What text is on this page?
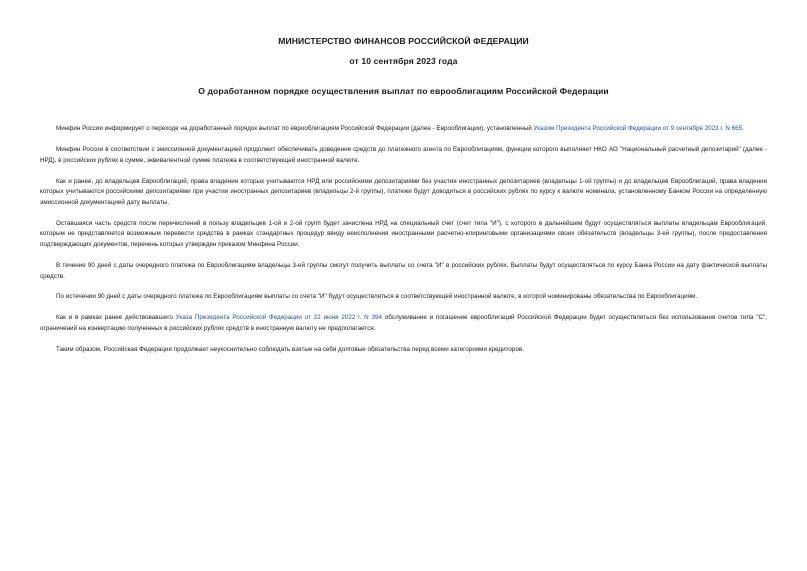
МИНИСТЕРСТВО ФИНАНСОВ РОССИЙСКОЙ ФЕДЕРАЦИИ
от 10 сентября 2023 года
О доработанном порядке осуществления выплат по еврооблигациям Российской Федерации

Минфин России информирует о переходе на доработанный порядок выплат по еврооблигациям Российской Федерации (далее - Еврооблигации), установленный Указом Президента Российской Федерации от 9 сентября 2023 г. N 665.

Минфин России в соответствии с эмиссионной документацией продолжит обеспечивать доведение средств до платежного агента по Еврооблигациям, функции которого выполняет НКО АО "Национальный расчетный депозитарий" (далее - НРД), в российских рублях в сумме, эквивалентной сумме платежа в соответствующей иностранной валюте.

Как и ранее, до владельцев Еврооблигаций, права владения которых учитываются НРД или российскими депозитариями без участия иностранных депозитариев (владельцы 1-ой группы) и до владельцев Еврооблигаций, права владения которых учитываются российскими депозитариями при участии иностранных депозитариев (владельцы 2-й группы), платежи будут доводиться в российских рублях по курсу к валюте номинала, установленному Банком России на определенную эмиссионной документацией дату выплаты.

Оставшаяся часть средств после перечислений в пользу владельцев 1-ой и 2-ой групп будет зачислена НРД на специальный счет (счет типа "И"), с которого в дальнейшем будут осуществляться выплаты владельцам Еврооблигаций, которым не представляется возможным перевести средства в рамках стандартных процедур ввиду неисполнения иностранными расчетно-клиринговыми организациями своих обязательств (владельцы 3-ей группы), после предоставления подтверждающих документов, перечень которых утвержден приказом Минфина России.

В течение 90 дней с даты очередного платежа по Еврооблигациям владельцы 3-ей группы смогут получить выплаты со счета "И" в российских рублях. Выплаты будут осуществляться по курсу Банка России на дату фактической выплаты средств.

По истечении 90 дней с даты очередного платежа по Еврооблигациям выплаты со счета "И" будут осуществляться в соответствующей иностранной валюте, в которой номинированы обязательства по Еврооблигациям.

Как и в рамках ранее действовавшего Указа Президента Российской Федерации от 22 июня 2022 г. N 394 обслуживание и погашение еврооблигаций Российской Федерации будет осуществляться без использования счетов типа "С", ограничений на конвертацию полученных в российских рублях средств в иностранную валюту не предполагается.

Таким образом, Российская Федерация продолжает неукоснительно соблюдать взятые на себя долговые обязательства перед всеми категориями кредиторов.
